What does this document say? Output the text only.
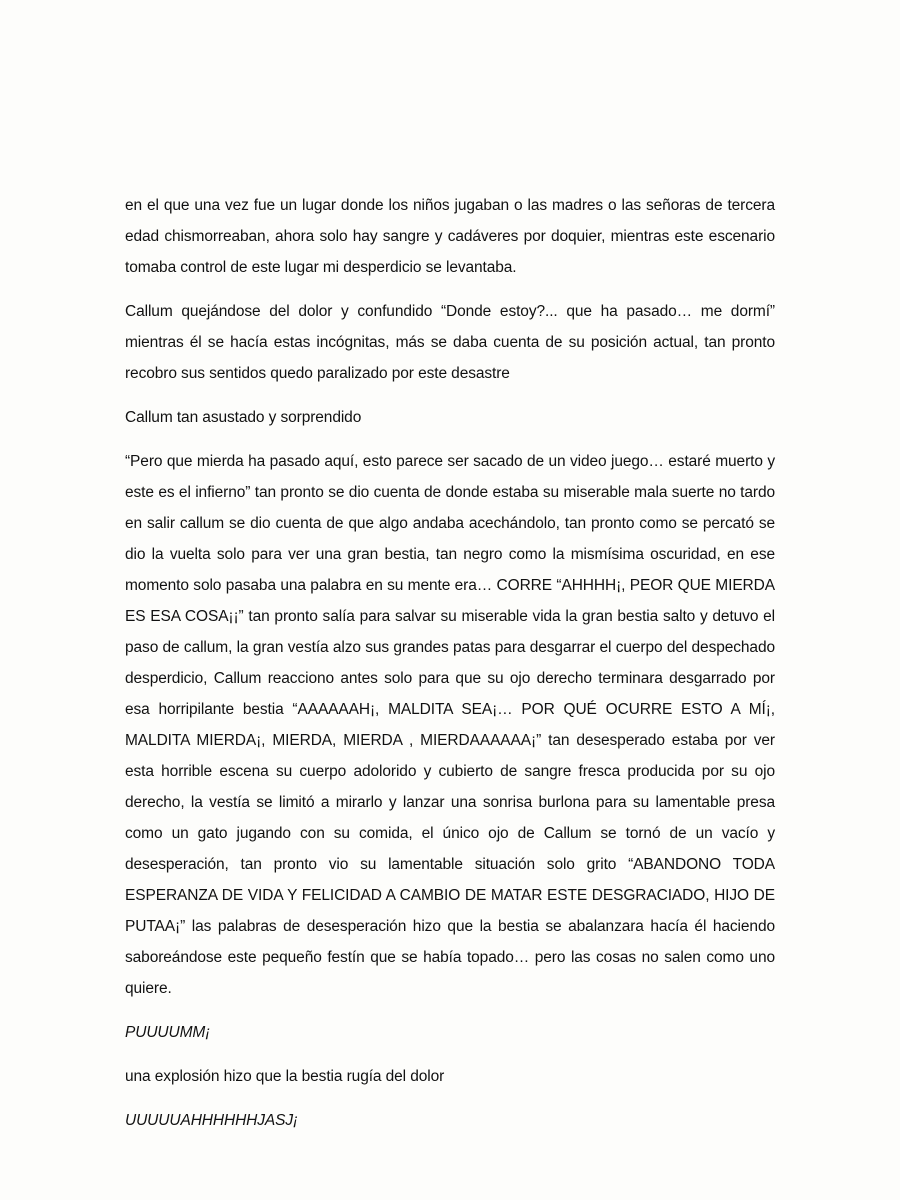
en el que una vez fue un lugar donde los niños jugaban o las madres o las señoras de tercera edad chismorreaban, ahora solo hay sangre y cadáveres por doquier, mientras este escenario tomaba control de este lugar mi desperdicio se levantaba.

Callum quejándose del dolor y confundido “Donde estoy?... que ha pasado… me dormí” mientras él se hacía estas incógnitas, más se daba cuenta de su posición actual, tan pronto recobro sus sentidos quedo paralizado por este desastre

Callum tan asustado y sorprendido

“Pero que mierda ha pasado aquí, esto parece ser sacado de un video juego… estaré muerto y este es el infierno” tan pronto se dio cuenta de donde estaba su miserable mala suerte no tardo en salir callum se dio cuenta de que algo andaba acechándolo, tan pronto como se percató se dio la vuelta solo para ver una gran bestia, tan negro como la mismísima oscuridad, en ese momento solo pasaba una palabra en su mente era… CORRE “AHHHH¡, PEOR QUE MIERDA ES ESA COSA¡¡” tan pronto salía para salvar su miserable vida la gran bestia salto y detuvo el paso de callum, la gran vestía alzo sus grandes patas para desgarrar el cuerpo del despechado desperdicio, Callum reacciono antes solo para que su ojo derecho terminara desgarrado por esa horripilante bestia “AAAAAAH¡, MALDITA SEA¡… POR QUÉ OCURRE ESTO A MÍ¡, MALDITA MIERDA¡, MIERDA, MIERDA , MIERDAAAAAA¡” tan desesperado estaba por ver esta horrible escena su cuerpo adolorido y cubierto de sangre fresca producida por su ojo derecho, la vestía se limitó a mirarlo y lanzar una sonrisa burlona para su lamentable presa como un gato jugando con su comida, el único ojo de Callum se tornó de un vacío y desesperación, tan pronto vio su lamentable situación solo grito “ABANDONO TODA ESPERANZA DE VIDA Y FELICIDAD A CAMBIO DE MATAR ESTE DESGRACIADO, HIJO DE PUTAA¡” las palabras de desesperación hizo que la bestia se abalanzara hacía él haciendo saboreándose este pequeño festín que se había topado… pero las cosas no salen como uno quiere.

PUUUUMM¡

una explosión hizo que la bestia rugía del dolor

UUUUUAHHHHHHJASJ¡
